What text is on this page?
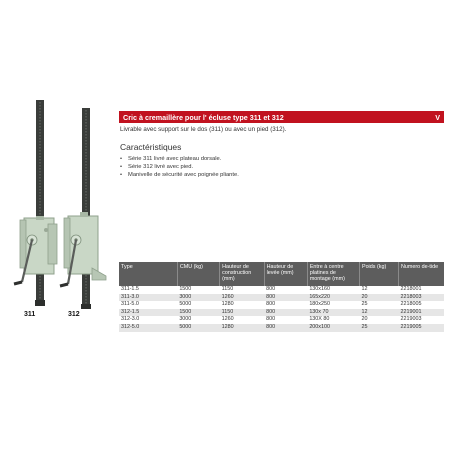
311	312
Cric à cremaillère pour l' écluse type 311 et 312	V
Livrable avec support sur le dos (311) ou avec un pied (312).
Caractéristiques
• Série 311 livré avec plateau dorsale.
• Série 312 livré avec pied.
• Manivelle de sécurité avec poignée pliante.
Type	CMU (kg)	Hauteur de construction (mm)	Hauteur de levée (mm)	Entre à centre platines de montage (mm)	Poids (kg)	Numero de-tide
311-1.5	1500	1150	800	130x160	12	2218001
311-3.0	3000	1260	800	165x220	20	2218003
311-5.0	5000	1280	800	180x250	25	2218005
312-1.5	1500	1150	800	130x 70	12	2219001
312-3.0	3000	1260	800	130X 80	20	2219003
312-5.0	5000	1280	800	200x100	25	2219005
